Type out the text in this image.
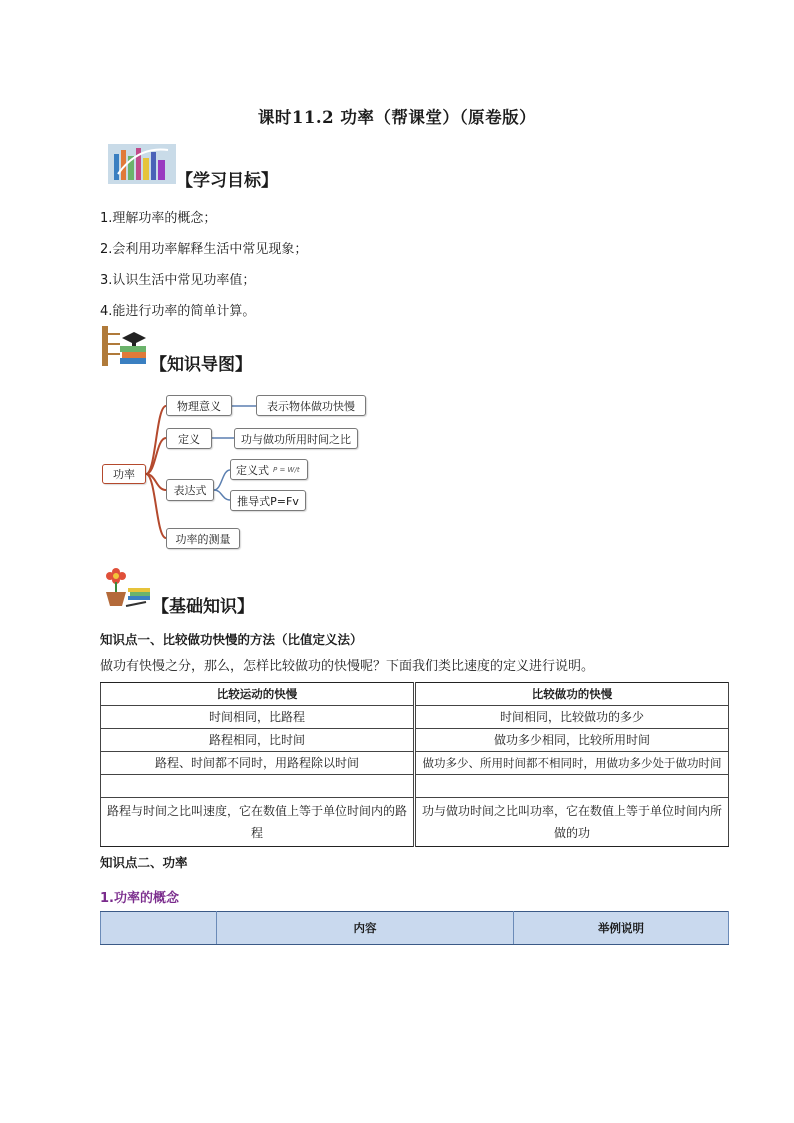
课时11.2 功率（帮课堂）（原卷版）
【学习目标】
1.理解功率的概念；
2.会利用功率解释生活中常见现象；
3.认识生活中常见功率值；
4.能进行功率的简单计算。
【知识导图】
功率
物理意义	表示物体做功快慢
定义	功与做功所用时间之比
表达式
定义式 P = W/t
推导式P=Fv
功率的测量
【基础知识】
知识点一、比较做功快慢的方法（比值定义法）
做功有快慢之分，那么，怎样比较做功的快慢呢？下面我们类比速度的定义进行说明。
比较运动的快慢	比较做功的快慢
时间相同，比路程	时间相同，比较做功的多少
路程相同，比时间	做功多少相同，比较所用时间
路程、时间都不同时，用路程除以时间	做功多少、所用时间都不相同时，用做功多少处于做功时间

路程与时间之比叫速度，它在数值上等于单位时间内的路程	功与做功时间之比叫功率，它在数值上等于单位时间内所做的功
知识点二、功率
1.功率的概念
	内容	举例说明
